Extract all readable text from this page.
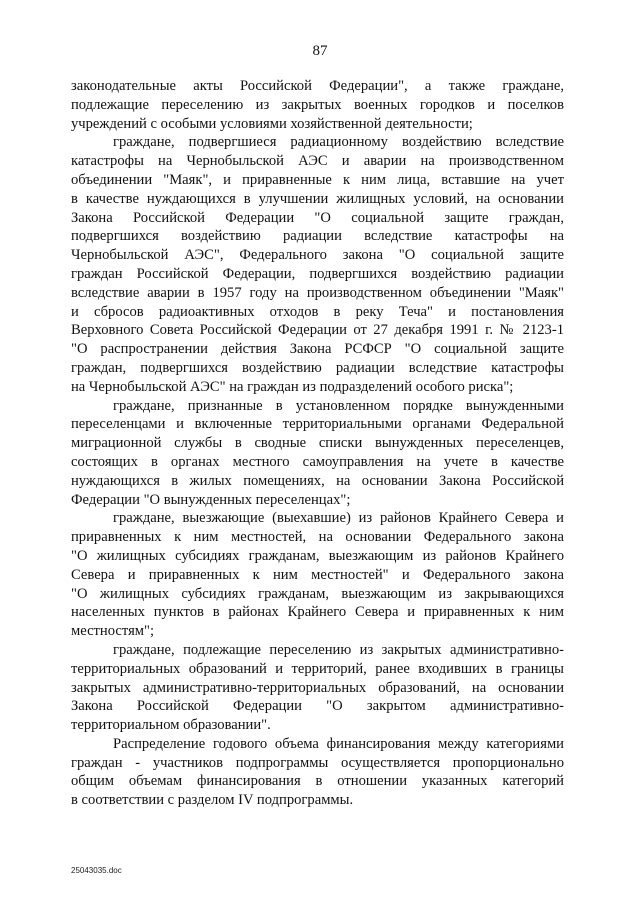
87
законодательные акты Российской Федерации", а также граждане,
подлежащие переселению из закрытых военных городков и поселков
учреждений с особыми условиями хозяйственной деятельности;
граждане, подвергшиеся радиационному воздействию вследствие
катастрофы на Чернобыльской АЭС и аварии на производственном
объединении "Маяк", и приравненные к ним лица, вставшие на учет
в качестве нуждающихся в улучшении жилищных условий, на основании
Закона Российской Федерации "О социальной защите граждан,
подвергшихся воздействию радиации вследствие катастрофы на
Чернобыльской АЭС", Федерального закона "О социальной защите
граждан Российской Федерации, подвергшихся воздействию радиации
вследствие аварии в 1957 году на производственном объединении "Маяк"
и сбросов радиоактивных отходов в реку Теча" и постановления
Верховного Совета Российской Федерации от 27 декабря 1991 г. № 2123-1
"О распространении действия Закона РСФСР "О социальной защите
граждан, подвергшихся воздействию радиации вследствие катастрофы
на Чернобыльской АЭС" на граждан из подразделений особого риска";
граждане, признанные в установленном порядке вынужденными
переселенцами и включенные территориальными органами Федеральной
миграционной службы в сводные списки вынужденных переселенцев,
состоящих в органах местного самоуправления на учете в качестве
нуждающихся в жилых помещениях, на основании Закона Российской
Федерации "О вынужденных переселенцах";
граждане, выезжающие (выехавшие) из районов Крайнего Севера и
приравненных к ним местностей, на основании Федерального закона
"О жилищных субсидиях гражданам, выезжающим из районов Крайнего
Севера и приравненных к ним местностей" и Федерального закона
"О жилищных субсидиях гражданам, выезжающим из закрывающихся
населенных пунктов в районах Крайнего Севера и приравненных к ним
местностям";
граждане, подлежащие переселению из закрытых административно-
территориальных образований и территорий, ранее входивших в границы
закрытых административно-территориальных образований, на основании
Закона Российской Федерации "О закрытом административно-
территориальном образовании".
Распределение годового объема финансирования между категориями
граждан - участников подпрограммы осуществляется пропорционально
общим объемам финансирования в отношении указанных категорий
в соответствии с разделом IV подпрограммы.
25043035.doc
